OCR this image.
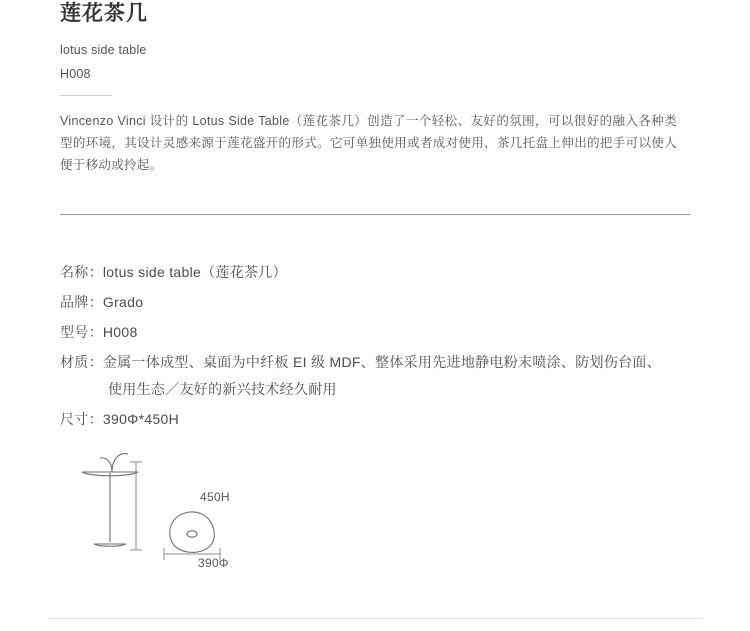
莲花茶几
lotus side table
H008

Vincenzo Vinci 设计的 Lotus Side Table（莲花茶几）创造了一个轻松、友好的氛围，可以很好的融入各种类型的环境，其设计灵感来源于莲花盛开的形式。它可单独使用或者成对使用，茶几托盘上伸出的把手可以使人便于移动或拎起。

名称：lotus side table（莲花茶几）
品牌：Grado
型号：H008
材质：金属一体成型、桌面为中纤板 EI 级 MDF、整体采用先进地静电粉末喷涂、防划伤台面、
使用生态／友好的新兴技术经久耐用
尺寸：390Φ*450H
450H
390Φ
